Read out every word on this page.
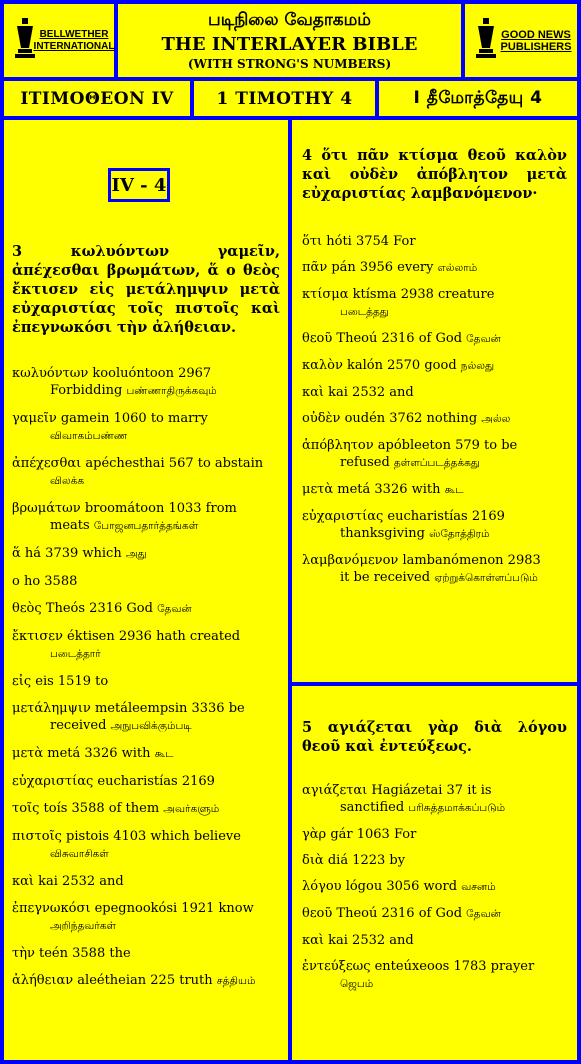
BELLWETHER
INTERNATIONAL
படிநிலை வேதாகமம்
THE INTERLAYER BIBLE
(WITH STRONG'S NUMBERS)
GOOD NEWS
PUBLISHERS
ΙΤΙΜΟΘΕΟΝ IV	1 TIMOTHY 4	I தீமோத்தேயு 4
IV - 4
3 κωλυόντων γαμεῖν, ἀπέχεσθαι βρωμάτων, ἅ ο θεὸς ἔκτισεν εἰς μετάλημψιν μετὰ εὐχαριστίας τοῖς πιστοῖς καὶ ἐπεγνωκόσι τὴν ἀλήθειαν.
κωλυόντων kooluóntoon 2967
Forbidding பண்ணாதிருக்கவும்
γαμεῖν gamein 1060 to marry
விவாகம்பண்ண
ἀπέχεσθαι apéchesthai 567 to abstain
விலக்க
βρωμάτων broomátoon 1033 from
meats போஜனபதார்த்தங்கள்
ἅ há 3739 which அது
ο ho 3588
θεὸς Theós 2316 God தேவன்
ἔκτισεν éktisen 2936 hath created
படைத்தார்
εἰς eis 1519 to
μετάλημψιν metáleempsin 3336 be
received அநுபவிக்கும்படி
μετὰ metá 3326 with கூட
εὐχαριστίας eucharistías 2169
τοῖς toís 3588 of them அவர்களும்
πιστοῖς pistois 4103 which believe
விசுவாசிகள்
καὶ kai 2532 and
ἐπεγνωκόσι epegnookósi 1921 know
அறிந்தவர்கள்
τὴν teén 3588 the
ἀλήθειαν aleétheian 225 truth சத்தியம்
4 ὅτι πᾶν κτίσμα θεοῦ καλὸν καὶ οὐδὲν ἀπόβλητον μετὰ εὐχαριστίας λαμβανόμενον·
ὅτι hóti 3754 For
πᾶν pán 3956 every எல்லாம்
κτίσμα ktísma 2938 creature
படைத்தது
θεοῦ Theoú 2316 of God தேவன்
καλὸν kalón 2570 good நல்லது
καὶ kai 2532 and
οὐδὲν oudén 3762 nothing அல்ல
ἀπόβλητον apóbleeton 579 to be
refused தள்ளப்படத்தக்கது
μετὰ metá 3326 with கூட
εὐχαριστίας eucharistías 2169
thanksgiving ஸ்தோத்திரம்
λαμβανόμενον lambanómenon 2983
it be received ஏற்றுக்கொள்ளப்படும்
5 αγιάζεται γὰρ διὰ λόγου θεοῦ καὶ ἐντεύξεως.
αγιάζεται Hagiázetai 37 it is
sanctified பரிசுத்தமாக்கப்படும்
γὰρ gár 1063 For
διὰ diá 1223 by
λόγου lógou 3056 word வசனம்
θεοῦ Theoú 2316 of God தேவன்
καὶ kai 2532 and
ἐντεύξεως enteúxeoos 1783 prayer
ஜெபம்
